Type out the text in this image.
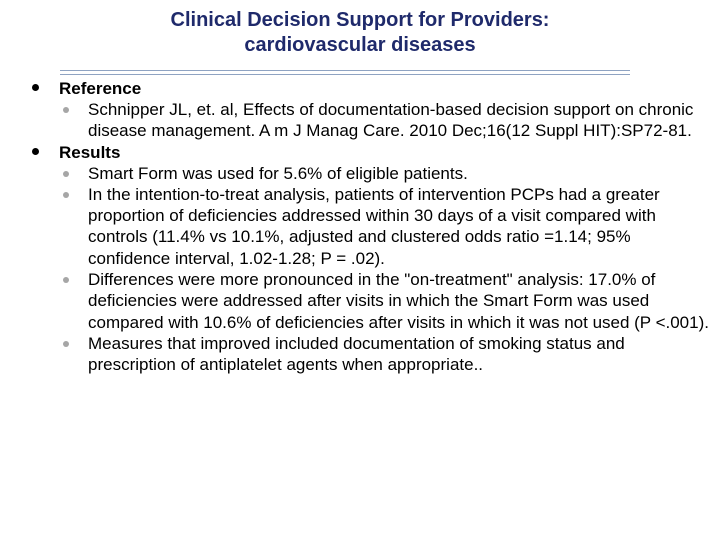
Clinical Decision Support for Providers:
cardiovascular diseases
Reference
Schnipper JL, et. al, Effects of documentation-based decision support on chronic disease management. A m J Manag Care. 2010 Dec;16(12 Suppl HIT):SP72-81.
Results
Smart Form was used for 5.6% of eligible patients.
In the intention-to-treat analysis, patients of intervention PCPs had a greater proportion of deficiencies addressed within 30 days of a visit compared with controls (11.4% vs 10.1%, adjusted and clustered odds ratio =1.14; 95% confidence interval, 1.02-1.28; P = .02).
Differences were more pronounced in the "on-treatment" analysis: 17.0% of deficiencies were addressed after visits in which the Smart Form was used compared with 10.6% of deficiencies after visits in which it was not used (P <.001).
Measures that improved included documentation of smoking status and prescription of antiplatelet agents when appropriate..
